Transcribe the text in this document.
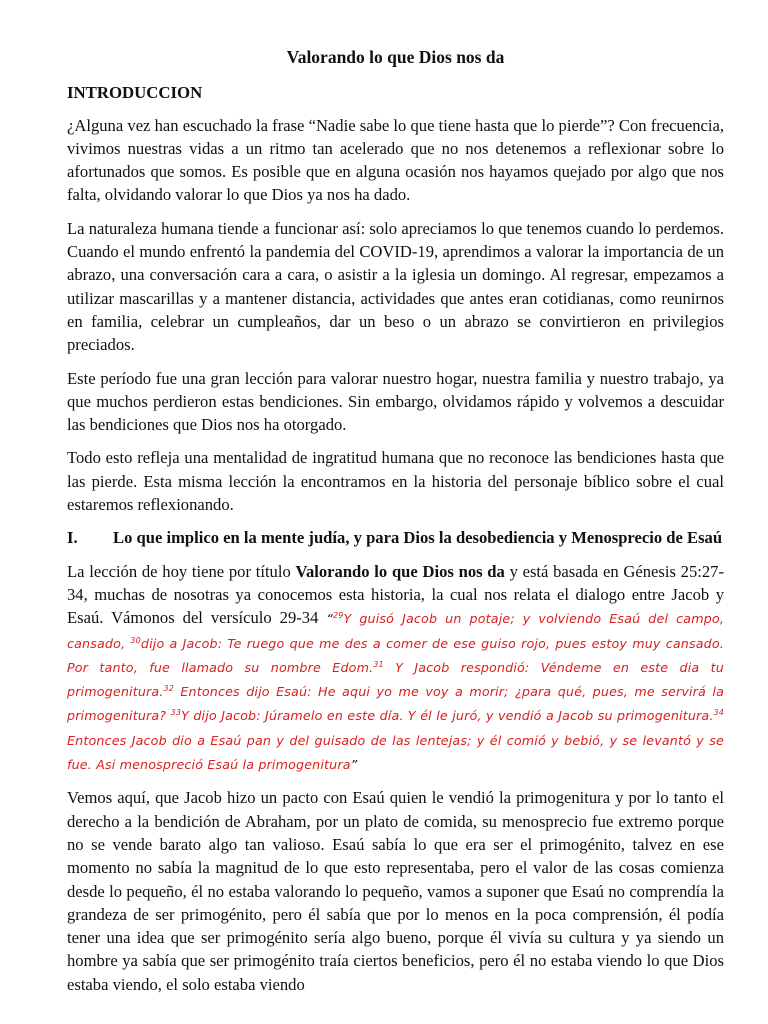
Valorando lo que Dios nos da
INTRODUCCION

¿Alguna vez han escuchado la frase “Nadie sabe lo que tiene hasta que lo pierde”? Con frecuencia, vivimos nuestras vidas a un ritmo tan acelerado que no nos detenemos a reflexionar sobre lo afortunados que somos. Es posible que en alguna ocasión nos hayamos quejado por algo que nos falta, olvidando valorar lo que Dios ya nos ha dado.

La naturaleza humana tiende a funcionar así: solo apreciamos lo que tenemos cuando lo perdemos. Cuando el mundo enfrentó la pandemia del COVID-19, aprendimos a valorar la importancia de un abrazo, una conversación cara a cara, o asistir a la iglesia un domingo. Al regresar, empezamos a utilizar mascarillas y a mantener distancia, actividades que antes eran cotidianas, como reunirnos en familia, celebrar un cumpleaños, dar un beso o un abrazo se convirtieron en privilegios preciados.

Este período fue una gran lección para valorar nuestro hogar, nuestra familia y nuestro trabajo, ya que muchos perdieron estas bendiciones. Sin embargo, olvidamos rápido y volvemos a descuidar las bendiciones que Dios nos ha otorgado.

Todo esto refleja una mentalidad de ingratitud humana que no reconoce las bendiciones hasta que las pierde. Esta misma lección la encontramos en la historia del personaje bíblico sobre el cual estaremos reflexionando.

I.	Lo que implico en la mente judía, y para Dios la desobediencia y Menosprecio de Esaú

La lección de hoy tiene por título Valorando lo que Dios nos da y está basada en Génesis 25:27-34, muchas de nosotras ya conocemos esta historia, la cual nos relata el dialogo entre Jacob y Esaú. Vámonos del versículo 29-34 “$^{29}$Y guisó Jacob un potaje; y volviendo Esaú del campo, cansado, $^{30}$dijo a Jacob: Te ruego que me des a comer de ese guiso rojo, pues estoy muy cansado. Por tanto, fue llamado su nombre Edom.$^{31}$ Y Jacob respondió: Véndeme en este dia tu primogenitura.$^{32}$ Entonces dijo Esaú: He aqui yo me voy a morir; ¿para qué, pues, me servirá la primogenitura? $^{33}$Y dijo Jacob: Júramelo en este día. Y él le juró, y vendió a Jacob su primogenitura.$^{34}$ Entonces Jacob dio a Esaú pan y del guisado de las lentejas; y él comió y bebió, y se levantó y se fue. Asi menospreció Esaú la primogenitura”

Vemos aquí, que Jacob hizo un pacto con Esaú quien le vendió la primogenitura y por lo tanto el derecho a la bendición de Abraham, por un plato de comida, su menosprecio fue extremo porque no se vende barato algo tan valioso. Esaú sabía lo que era ser el primogénito, talvez en ese momento no sabía la magnitud de lo que esto representaba, pero el valor de las cosas comienza desde lo pequeño, él no estaba valorando lo pequeño, vamos a suponer que Esaú no comprendía la grandeza de ser primogénito, pero él sabía que por lo menos en la poca comprensión, él podía tener una idea que ser primogénito sería algo bueno, porque él vivía su cultura y ya siendo un hombre ya sabía que ser primogénito traía ciertos beneficios, pero él no estaba viendo lo que Dios estaba viendo, el solo estaba viendo
